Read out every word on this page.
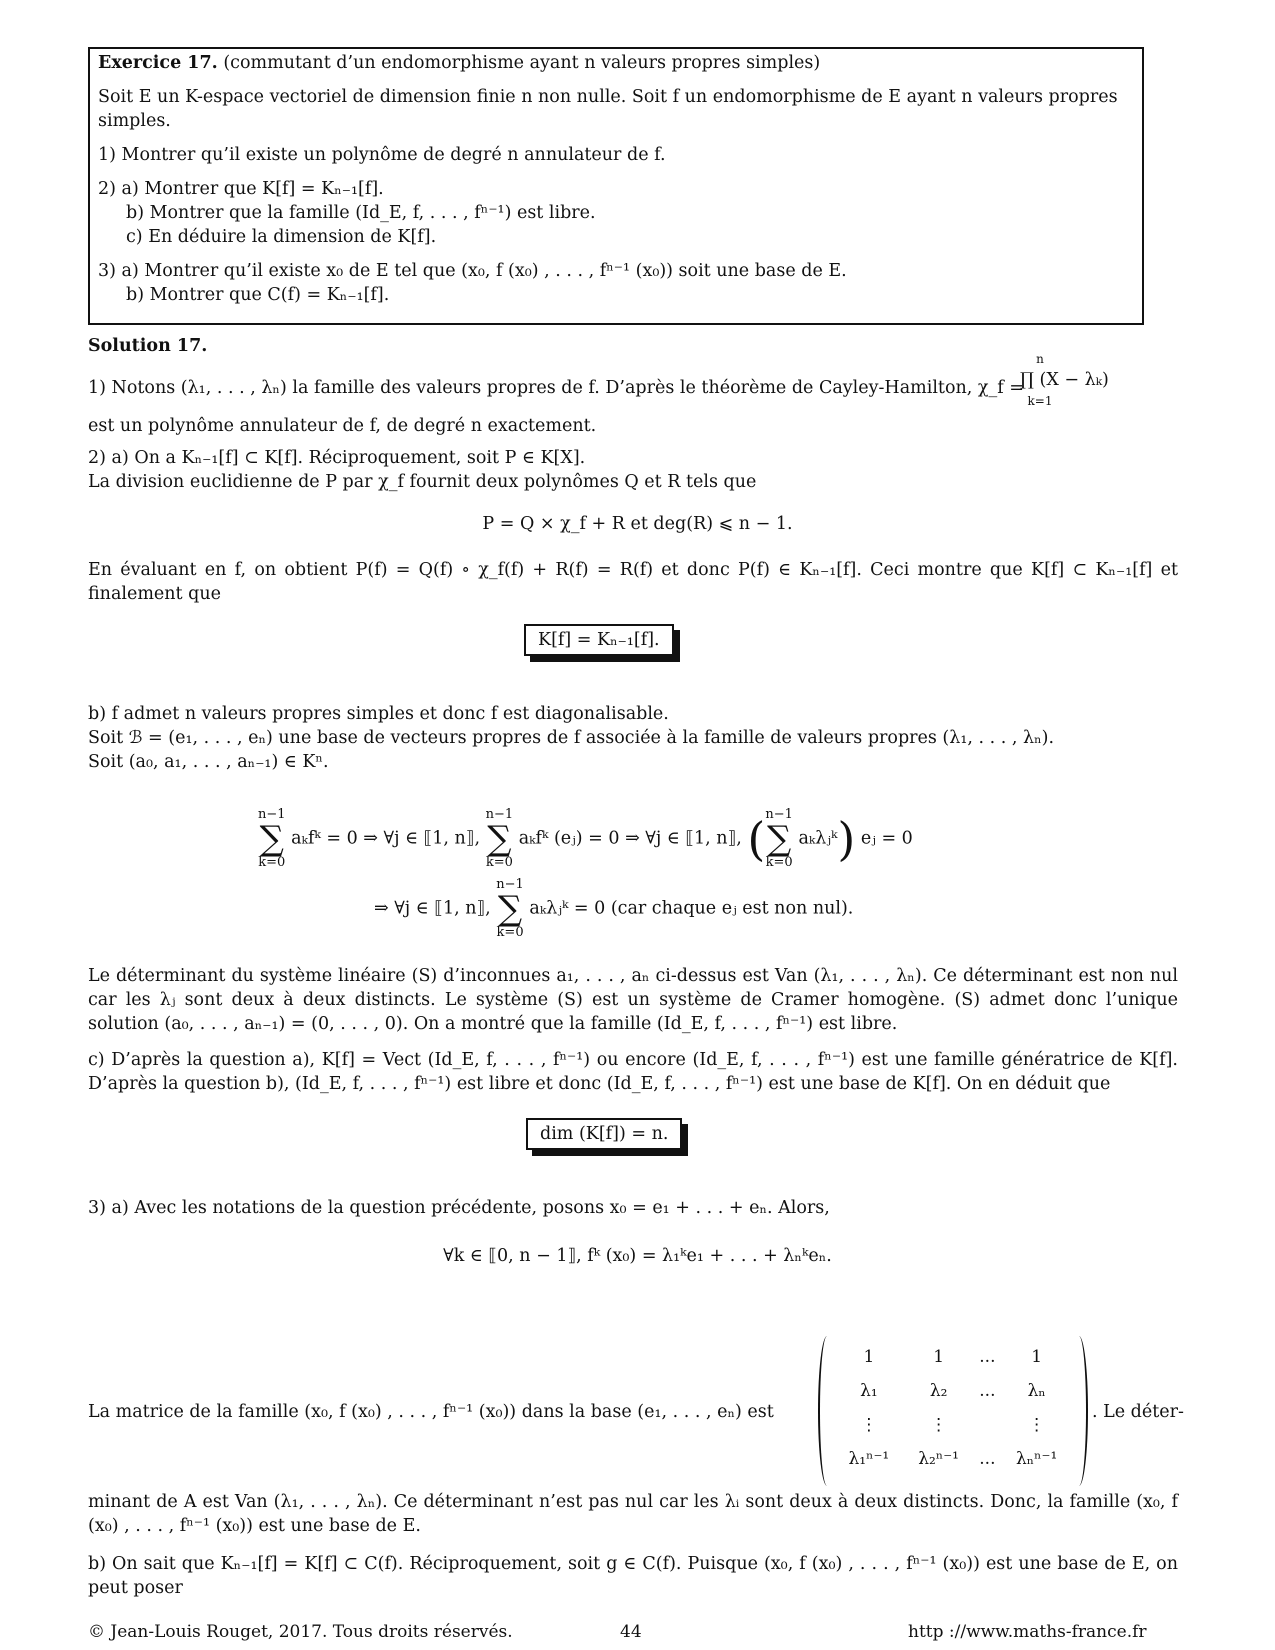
Exercice 17. (commutant d’un endomorphisme ayant n valeurs propres simples)

Soit E un K-espace vectoriel de dimension finie n non nulle. Soit f un endomorphisme de E ayant n valeurs propres simples.

1) Montrer qu’il existe un polynôme de degré n annulateur de f.

2) a) Montrer que K[f] = Kₙ₋₁[f].

b) Montrer que la famille (Id_E, f, . . . , fⁿ⁻¹) est libre.

c) En déduire la dimension de K[f].

3) a) Montrer qu’il existe x₀ de E tel que (x₀, f (x₀) , . . . , fⁿ⁻¹ (x₀)) soit une base de E.

b) Montrer que C(f) = Kₙ₋₁[f].

Solution 17.
1) Notons (λ₁, . . . , λₙ) la famille des valeurs propres de f. D’après le théorème de Cayley-Hamilton, χ_f =
n
∏ (X − λₖ)
k=1
est un polynôme annulateur de f, de degré n exactement.
2) a) On a Kₙ₋₁[f] ⊂ K[f]. Réciproquement, soit P ∈ K[X].
La division euclidienne de P par χ_f fournit deux polynômes Q et R tels que
P = Q × χ_f + R et deg(R) ⩽ n − 1.
En évaluant en f, on obtient P(f) = Q(f) ∘ χ_f(f) + R(f) = R(f) et donc P(f) ∈ Kₙ₋₁[f]. Ceci montre que K[f] ⊂ Kₙ₋₁[f] et finalement que
K[f] = Kₙ₋₁[f].
b) f admet n valeurs propres simples et donc f est diagonalisable.
Soit ℬ = (e₁, . . . , eₙ) une base de vecteurs propres de f associée à la famille de valeurs propres (λ₁, . . . , λₙ).
Soit (a₀, a₁, . . . , aₙ₋₁) ∈ Kⁿ.
n−1
∑
k=0 aₖfᵏ = 0 ⇒ ∀j ∈ ⟦1, n⟧, n−1
∑
k=0 aₖfᵏ (eⱼ) = 0 ⇒ ∀j ∈ ⟦1, n⟧, (n−1
∑
k=0 aₖλⱼᵏ) eⱼ = 0
⇒ ∀j ∈ ⟦1, n⟧, n−1
∑
k=0 aₖλⱼᵏ = 0 (car chaque eⱼ est non nul).
Le déterminant du système linéaire (S) d’inconnues a₁, . . . , aₙ ci-dessus est Van (λ₁, . . . , λₙ). Ce déterminant est non nul car les λⱼ sont deux à deux distincts. Le système (S) est un système de Cramer homogène. (S) admet donc l’unique solution (a₀, . . . , aₙ₋₁) = (0, . . . , 0). On a montré que la famille (Id_E, f, . . . , fⁿ⁻¹) est libre.
c) D’après la question a), K[f] = Vect (Id_E, f, . . . , fⁿ⁻¹) ou encore (Id_E, f, . . . , fⁿ⁻¹) est une famille génératrice de K[f]. D’après la question b), (Id_E, f, . . . , fⁿ⁻¹) est libre et donc (Id_E, f, . . . , fⁿ⁻¹) est une base de K[f]. On en déduit que
dim (K[f]) = n.
3) a) Avec les notations de la question précédente, posons x₀ = e₁ + . . . + eₙ. Alors,
∀k ∈ ⟦0, n − 1⟧, fᵏ (x₀) = λ₁ᵏe₁ + . . . + λₙᵏeₙ.
La matrice de la famille (x₀, f (x₀) , . . . , fⁿ⁻¹ (x₀)) dans la base (e₁, . . . , eₙ) est
1	1	...	1
λ₁	λ₂	...	λₙ
⋮	⋮		⋮
λ₁ⁿ⁻¹	λ₂ⁿ⁻¹	...	λₙⁿ⁻¹
. Le déter-
minant de A est Van (λ₁, . . . , λₙ). Ce déterminant n’est pas nul car les λᵢ sont deux à deux distincts. Donc, la famille (x₀, f (x₀) , . . . , fⁿ⁻¹ (x₀)) est une base de E.
b) On sait que Kₙ₋₁[f] = K[f] ⊂ C(f). Réciproquement, soit g ∈ C(f). Puisque (x₀, f (x₀) , . . . , fⁿ⁻¹ (x₀)) est une base de E, on peut poser
© Jean-Louis Rouget, 2017. Tous droits réservés.	44	http ://www.maths-france.fr
